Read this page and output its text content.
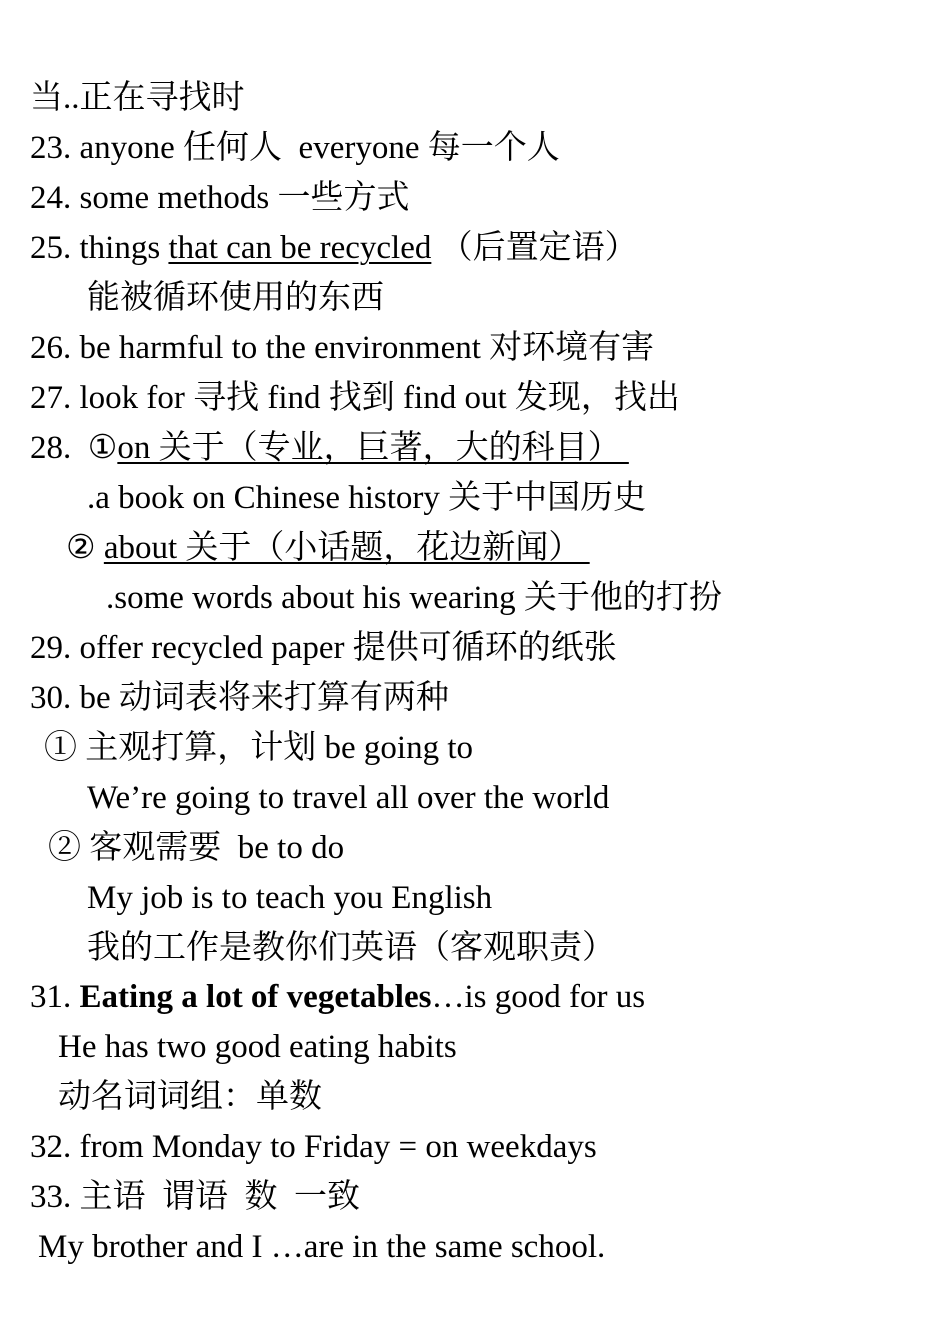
当..正在寻找时

23. anyone 任何人  everyone 每一个人

24. some methods 一些方式

25. things that can be recycled （后置定语）

能被循环使用的东西

26. be harmful to the environment 对环境有害

27. look for 寻找 find 找到 find out 发现，找出

28.  ①on 关于（专业，巨著，大的科目）

.a book on Chinese history 关于中国历史

② about 关于（小话题，花边新闻）

.some words about his wearing 关于他的打扮

29. offer recycled paper 提供可循环的纸张

30. be 动词表将来打算有两种

① 主观打算，计划 be going to

We’re going to travel all over the world

② 客观需要  be to do

My job is to teach you English

我的工作是教你们英语（客观职责）

31. Eating a lot of vegetables…is good for us

He has two good eating habits

动名词词组：单数

32. from Monday to Friday = on weekdays

33. 主语  谓语  数  一致

My brother and I …are in the same school.
